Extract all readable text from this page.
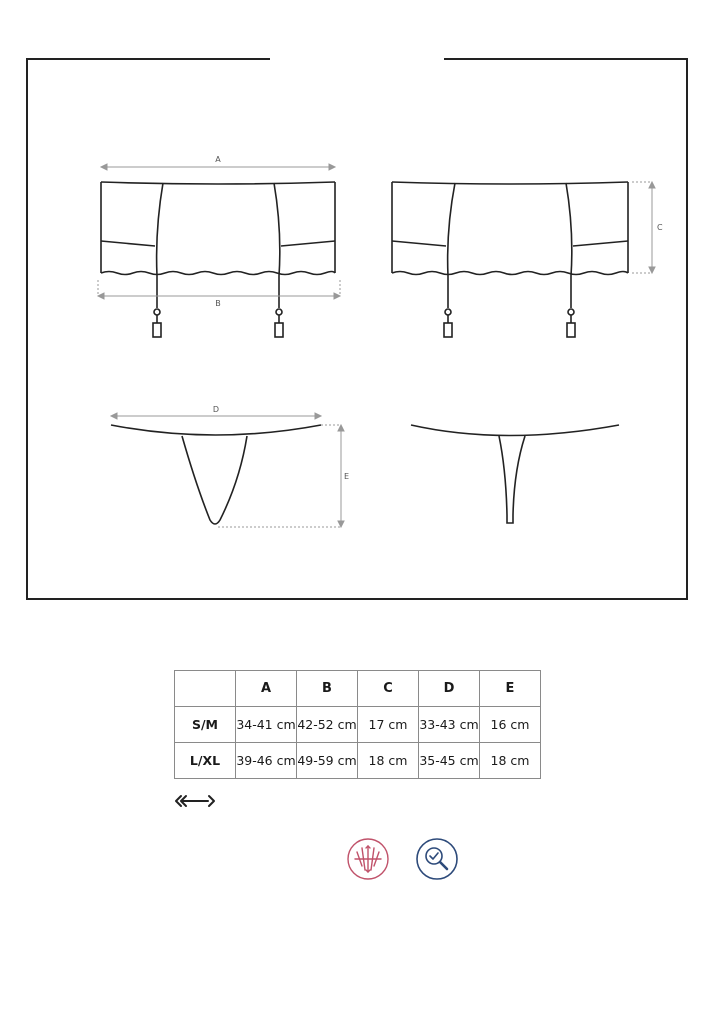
A
B
C
D
E
	A	B	C	D	E
S/M	34-41 cm	42-52 cm	17 cm	33-43 cm	16 cm
L/XL	39-46 cm	49-59 cm	18 cm	35-45 cm	18 cm
